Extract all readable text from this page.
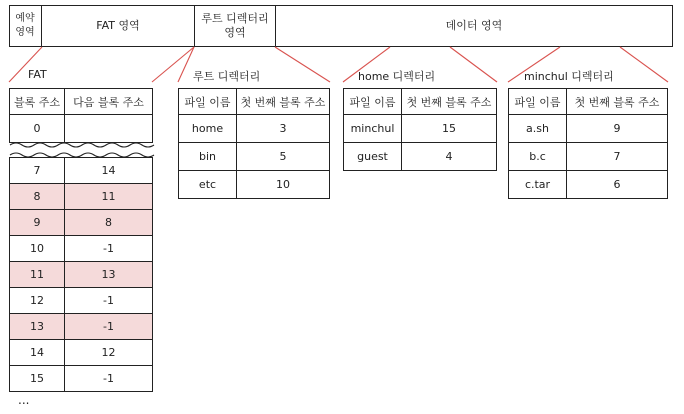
예약
영역
FAT 영역
루트 디렉터리
영역
데이터 영역
FAT
블록 주소	다음 블록 주소
0	
7	14
8	11
9	8
10	-1
11	13
12	-1
13	-1
14	12
15	-1
...
루트 디렉터리
파일 이름	첫 번째 블록 주소
home	3
bin	5
etc	10
home 디렉터리
파일 이름	첫 번째 블록 주소
minchul	15
guest	4
minchul 디렉터리
파일 이름	첫 번째 블록 주소
a.sh	9
b.c	7
c.tar	6
